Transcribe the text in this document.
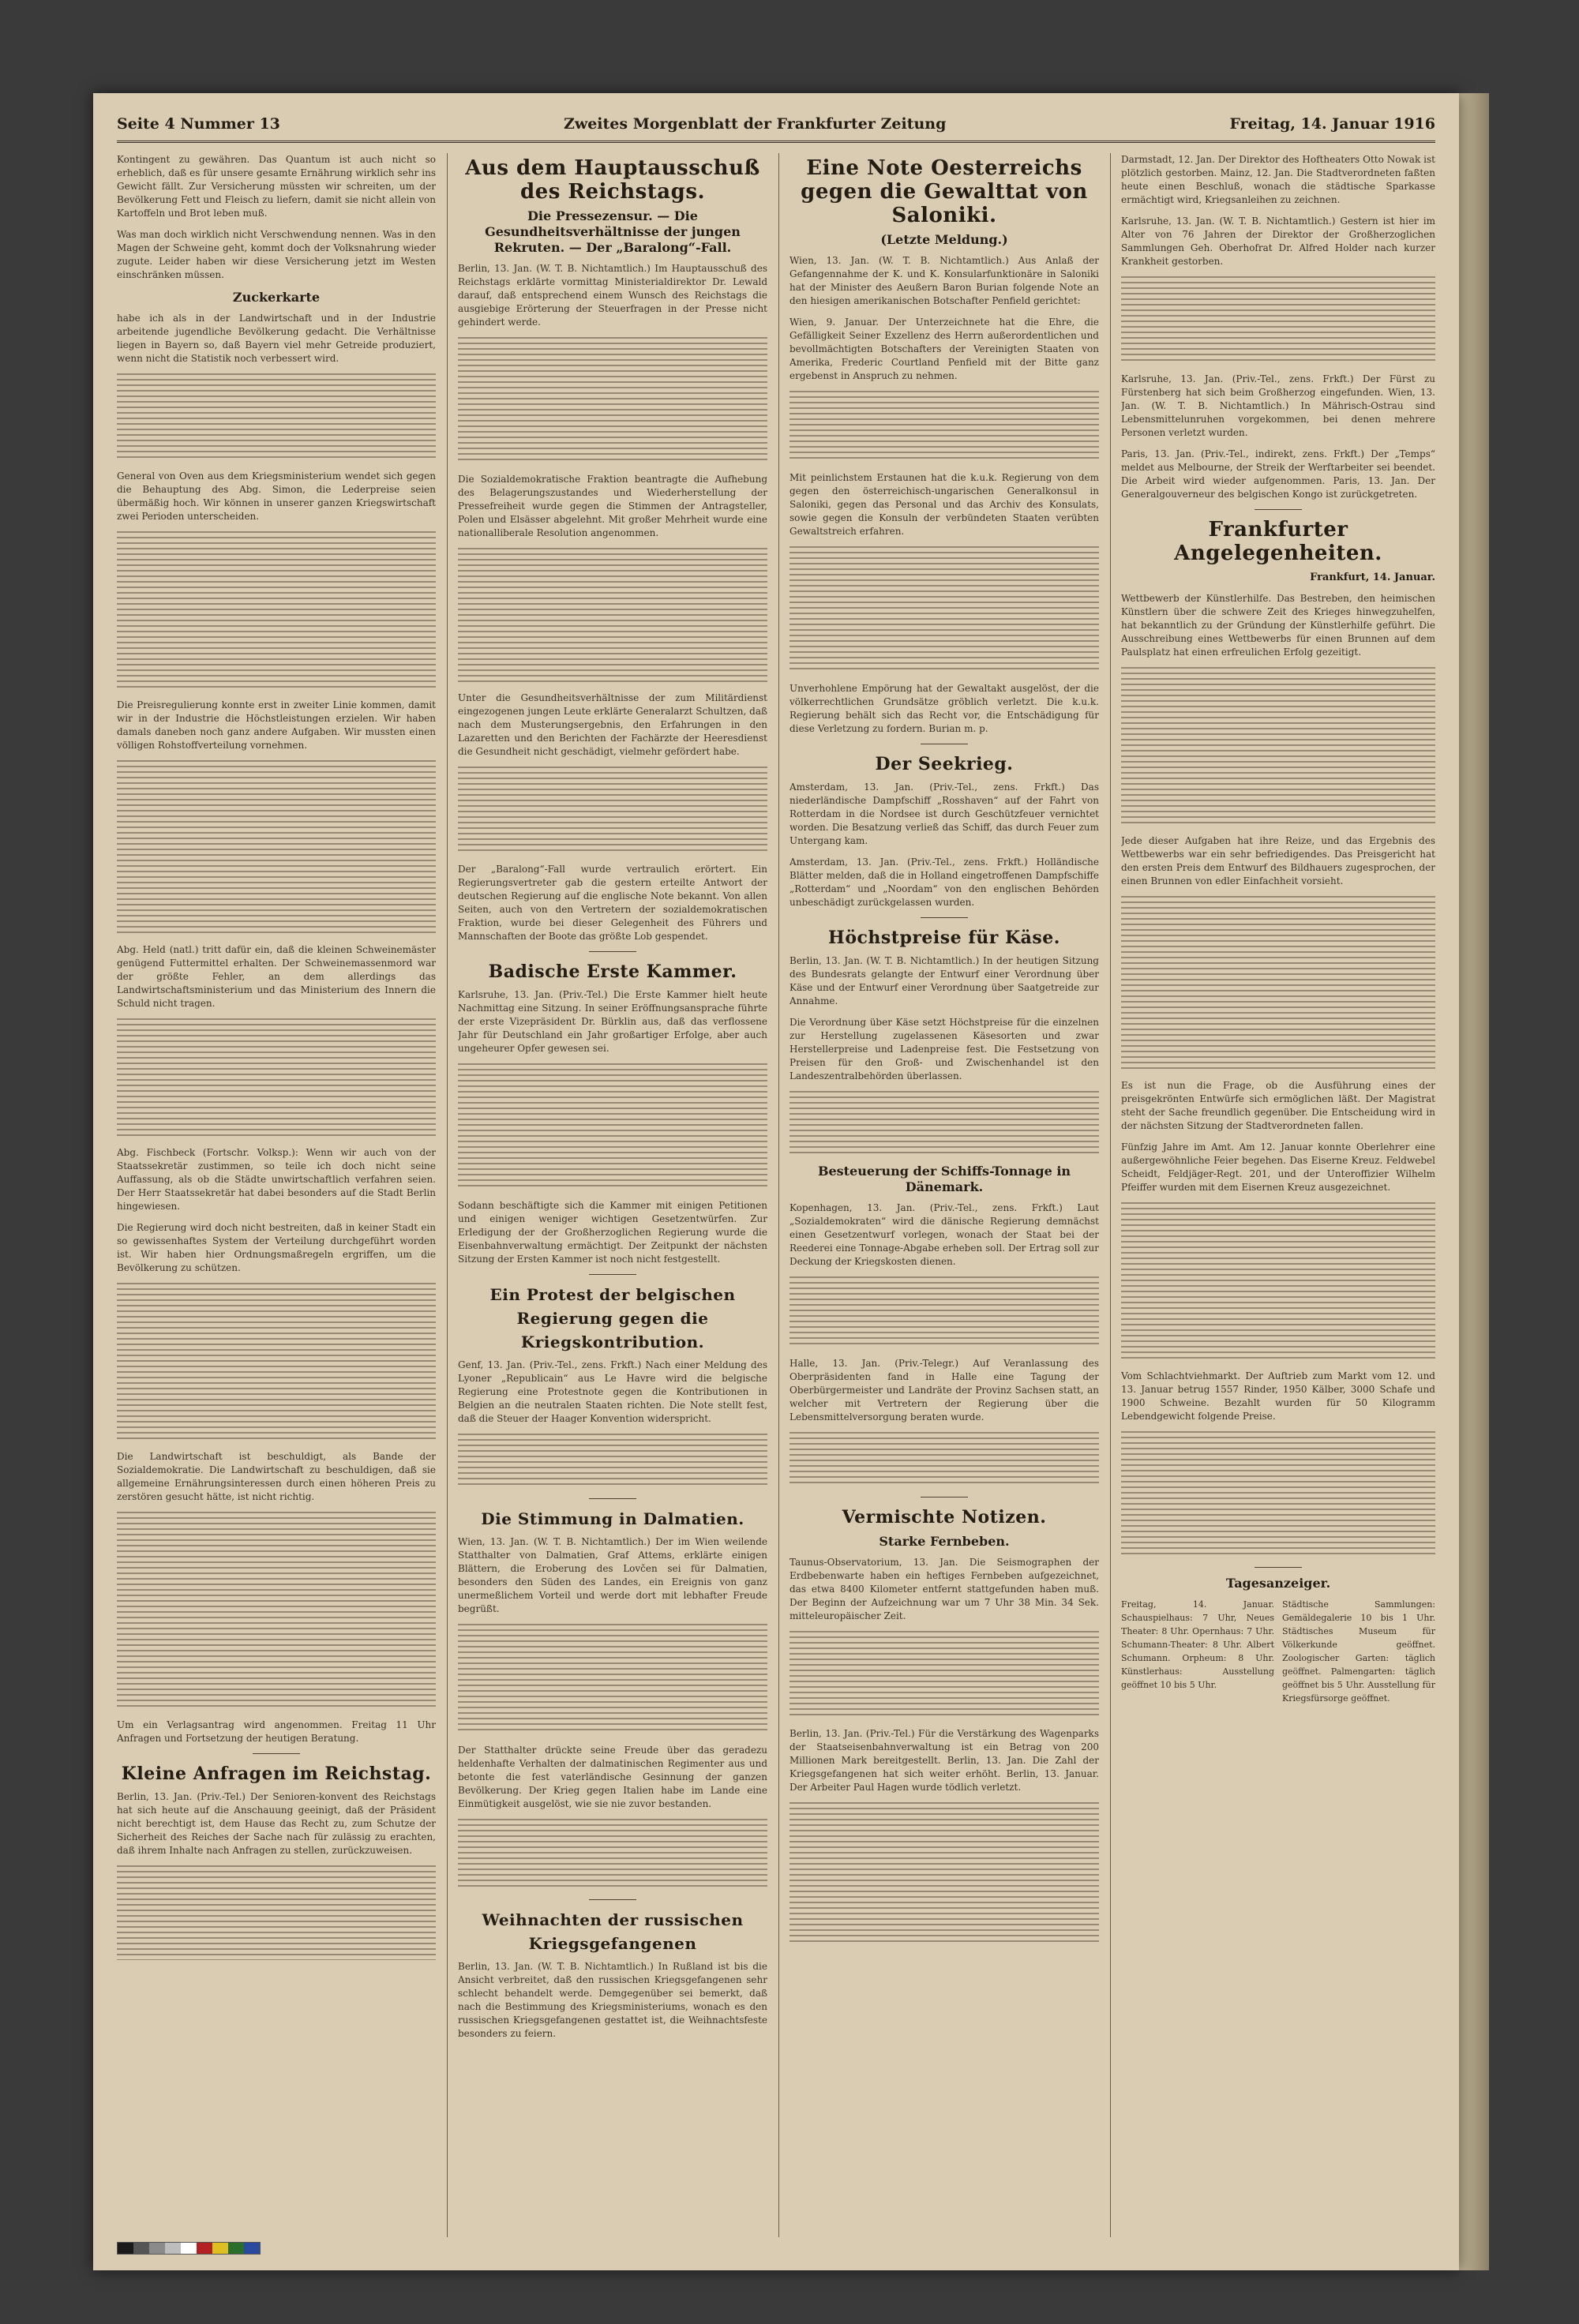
Seite 4 Nummer 13	Zweites Morgenblatt der Frankfurter Zeitung	Freitag, 14. Januar 1916

Kontingent zu gewähren. Das Quantum ist auch nicht so erheblich, daß es für unsere gesamte Ernährung wirklich sehr ins Gewicht fällt. Zur Versicherung müssten wir schreiten, um der Bevölkerung Fett und Fleisch zu liefern, damit sie nicht allein von Kartoffeln und Brot leben muß.

Was man doch wirklich nicht Verschwendung nennen. Was in den Magen der Schweine geht, kommt doch der Volksnahrung wieder zugute. Leider haben wir diese Versicherung jetzt im Westen einschränken müssen.

Zuckerkarte

habe ich als in der Landwirtschaft und in der Industrie arbeitende jugendliche Bevölkerung gedacht. Die Verhältnisse liegen in Bayern so, daß Bayern viel mehr Getreide produziert, wenn nicht die Statistik noch verbessert wird.

General von Oven aus dem Kriegsministerium wendet sich gegen die Behauptung des Abg. Simon, die Lederpreise seien übermäßig hoch. Wir können in unserer ganzen Kriegswirtschaft zwei Perioden unterscheiden.

Die Preisregulierung konnte erst in zweiter Linie kommen, damit wir in der Industrie die Höchstleistungen erzielen. Wir haben damals daneben noch ganz andere Aufgaben. Wir mussten einen völligen Rohstoffverteilung vornehmen.

Abg. Held (natl.) tritt dafür ein, daß die kleinen Schweinemäster genügend Futtermittel erhalten. Der Schweinemassenmord war der größte Fehler, an dem allerdings das Landwirtschaftsministerium und das Ministerium des Innern die Schuld nicht tragen.

Abg. Fischbeck (Fortschr. Volksp.): Wenn wir auch von der Staatssekretär zustimmen, so teile ich doch nicht seine Auffassung, als ob die Städte unwirtschaftlich verfahren seien. Der Herr Staatssekretär hat dabei besonders auf die Stadt Berlin hingewiesen.

Die Regierung wird doch nicht bestreiten, daß in keiner Stadt ein so gewissenhaftes System der Verteilung durchgeführt worden ist. Wir haben hier Ordnungsmaßregeln ergriffen, um die Bevölkerung zu schützen.

Die Landwirtschaft ist beschuldigt, als Bande der Sozialdemokratie. Die Landwirtschaft zu beschuldigen, daß sie allgemeine Ernährungsinteressen durch einen höheren Preis zu zerstören gesucht hätte, ist nicht richtig.

Um ein Verlagsantrag wird angenommen. Freitag 11 Uhr Anfragen und Fortsetzung der heutigen Beratung.

Kleine Anfragen im Reichstag.

Berlin, 13. Jan. (Priv.-Tel.) Der Senioren-konvent des Reichstags hat sich heute auf die Anschauung geeinigt, daß der Präsident nicht berechtigt ist, dem Hause das Recht zu, zum Schutze der Sicherheit des Reiches der Sache nach für zulässig zu erachten, daß ihrem Inhalte nach Anfragen zu stellen, zurückzuweisen.

Aus dem Hauptausschuß des Reichstags.
Die Pressezensur. — Die Gesundheitsverhältnisse der jungen Rekruten. — Der „Baralong“-Fall.

Berlin, 13. Jan. (W. T. B. Nichtamtlich.) Im Hauptausschuß des Reichstags erklärte vormittag Ministerialdirektor Dr. Lewald darauf, daß entsprechend einem Wunsch des Reichstags die ausgiebige Erörterung der Steuerfragen in der Presse nicht gehindert werde.

Die Sozialdemokratische Fraktion beantragte die Aufhebung des Belagerungszustandes und Wiederherstellung der Pressefreiheit wurde gegen die Stimmen der Antragsteller, Polen und Elsässer abgelehnt. Mit großer Mehrheit wurde eine nationalliberale Resolution angenommen.

Unter die Gesundheitsverhältnisse der zum Militärdienst eingezogenen jungen Leute erklärte Generalarzt Schultzen, daß nach dem Musterungsergebnis, den Erfahrungen in den Lazaretten und den Berichten der Fachärzte der Heeresdienst die Gesundheit nicht geschädigt, vielmehr gefördert habe.

Der „Baralong“-Fall wurde vertraulich erörtert. Ein Regierungsvertreter gab die gestern erteilte Antwort der deutschen Regierung auf die englische Note bekannt. Von allen Seiten, auch von den Vertretern der sozialdemokratischen Fraktion, wurde bei dieser Gelegenheit des Führers und Mannschaften der Boote das größte Lob gespendet.

Badische Erste Kammer.

Karlsruhe, 13. Jan. (Priv.-Tel.) Die Erste Kammer hielt heute Nachmittag eine Sitzung. In seiner Eröffnungsansprache führte der erste Vizepräsident Dr. Bürklin aus, daß das verflossene Jahr für Deutschland ein Jahr großartiger Erfolge, aber auch ungeheurer Opfer gewesen sei.

Sodann beschäftigte sich die Kammer mit einigen Petitionen und einigen weniger wichtigen Gesetzentwürfen. Zur Erledigung der der Großherzoglichen Regierung wurde die Eisenbahnverwaltung ermächtigt. Der Zeitpunkt der nächsten Sitzung der Ersten Kammer ist noch nicht festgestellt.

Ein Protest der belgischen Regierung gegen die Kriegskontribution.

Genf, 13. Jan. (Priv.-Tel., zens. Frkft.) Nach einer Meldung des Lyoner „Republicain“ aus Le Havre wird die belgische Regierung eine Protestnote gegen die Kontributionen in Belgien an die neutralen Staaten richten. Die Note stellt fest, daß die Steuer der Haager Konvention widerspricht.

Die Stimmung in Dalmatien.

Wien, 13. Jan. (W. T. B. Nichtamtlich.) Der im Wien weilende Statthalter von Dalmatien, Graf Attems, erklärte einigen Blättern, die Eroberung des Lovčen sei für Dalmatien, besonders den Süden des Landes, ein Ereignis von ganz unermeßlichem Vorteil und werde dort mit lebhafter Freude begrüßt.

Der Statthalter drückte seine Freude über das geradezu heldenhafte Verhalten der dalmatinischen Regimenter aus und betonte die fest vaterländische Gesinnung der ganzen Bevölkerung. Der Krieg gegen Italien habe im Lande eine Einmütigkeit ausgelöst, wie sie nie zuvor bestanden.

Weihnachten der russischen Kriegsgefangenen

Berlin, 13. Jan. (W. T. B. Nichtamtlich.) In Rußland ist bis die Ansicht verbreitet, daß den russischen Kriegsgefangenen sehr schlecht behandelt werde. Demgegenüber sei bemerkt, daß nach die Bestimmung des Kriegsministeriums, wonach es den russischen Kriegsgefangenen gestattet ist, die Weihnachtsfeste besonders zu feiern.

Eine Note Oesterreichs gegen die Gewalttat von Saloniki.
(Letzte Meldung.)

Wien, 13. Jan. (W. T. B. Nichtamtlich.) Aus Anlaß der Gefangennahme der K. und K. Konsularfunktionäre in Saloniki hat der Minister des Aeußern Baron Burian folgende Note an den hiesigen amerikanischen Botschafter Penfield gerichtet:

Wien, 9. Januar. Der Unterzeichnete hat die Ehre, die Gefälligkeit Seiner Exzellenz des Herrn außerordentlichen und bevollmächtigten Botschafters der Vereinigten Staaten von Amerika, Frederic Courtland Penfield mit der Bitte ganz ergebenst in Anspruch zu nehmen.

Mit peinlichstem Erstaunen hat die k.u.k. Regierung von dem gegen den österreichisch-ungarischen Generalkonsul in Saloniki, gegen das Personal und das Archiv des Konsulats, sowie gegen die Konsuln der verbündeten Staaten verübten Gewaltstreich erfahren.

Unverhohlene Empörung hat der Gewaltakt ausgelöst, der die völkerrechtlichen Grundsätze gröblich verletzt. Die k.u.k. Regierung behält sich das Recht vor, die Entschädigung für diese Verletzung zu fordern. Burian m. p.

Der Seekrieg.

Amsterdam, 13. Jan. (Priv.-Tel., zens. Frkft.) Das niederländische Dampfschiff „Rosshaven“ auf der Fahrt von Rotterdam in die Nordsee ist durch Geschützfeuer vernichtet worden. Die Besatzung verließ das Schiff, das durch Feuer zum Untergang kam.

Amsterdam, 13. Jan. (Priv.-Tel., zens. Frkft.) Holländische Blätter melden, daß die in Holland eingetroffenen Dampfschiffe „Rotterdam“ und „Noordam“ von den englischen Behörden unbeschädigt zurückgelassen wurden.

Höchstpreise für Käse.

Berlin, 13. Jan. (W. T. B. Nichtamtlich.) In der heutigen Sitzung des Bundesrats gelangte der Entwurf einer Verordnung über Käse und der Entwurf einer Verordnung über Saatgetreide zur Annahme.

Die Verordnung über Käse setzt Höchstpreise für die einzelnen zur Herstellung zugelassenen Käsesorten und zwar Herstellerpreise und Ladenpreise fest. Die Festsetzung von Preisen für den Groß- und Zwischenhandel ist den Landeszentralbehörden überlassen.

Besteuerung der Schiffs-Tonnage in Dänemark.

Kopenhagen, 13. Jan. (Priv.-Tel., zens. Frkft.) Laut „Sozialdemokraten“ wird die dänische Regierung demnächst einen Gesetzentwurf vorlegen, wonach der Staat bei der Reederei eine Tonnage-Abgabe erheben soll. Der Ertrag soll zur Deckung der Kriegskosten dienen.

Halle, 13. Jan. (Priv.-Telegr.) Auf Veranlassung des Oberpräsidenten fand in Halle eine Tagung der Oberbürgermeister und Landräte der Provinz Sachsen statt, an welcher mit Vertretern der Regierung über die Lebensmittelversorgung beraten wurde.

Vermischte Notizen.
Starke Fernbeben.

Taunus-Observatorium, 13. Jan. Die Seismographen der Erdbebenwarte haben ein heftiges Fernbeben aufgezeichnet, das etwa 8400 Kilometer entfernt stattgefunden haben muß. Der Beginn der Aufzeichnung war um 7 Uhr 38 Min. 34 Sek. mitteleuropäischer Zeit.

Berlin, 13. Jan. (Priv.-Tel.) Für die Verstärkung des Wagenparks der Staatseisenbahnverwaltung ist ein Betrag von 200 Millionen Mark bereitgestellt. Berlin, 13. Jan. Die Zahl der Kriegsgefangenen hat sich weiter erhöht. Berlin, 13. Januar. Der Arbeiter Paul Hagen wurde tödlich verletzt.

Darmstadt, 12. Jan. Der Direktor des Hoftheaters Otto Nowak ist plötzlich gestorben. Mainz, 12. Jan. Die Stadtverordneten faßten heute einen Beschluß, wonach die städtische Sparkasse ermächtigt wird, Kriegsanleihen zu zeichnen.

Karlsruhe, 13. Jan. (W. T. B. Nichtamtlich.) Gestern ist hier im Alter von 76 Jahren der Direktor der Großherzoglichen Sammlungen Geh. Oberhofrat Dr. Alfred Holder nach kurzer Krankheit gestorben.

Karlsruhe, 13. Jan. (Priv.-Tel., zens. Frkft.) Der Fürst zu Fürstenberg hat sich beim Großherzog eingefunden. Wien, 13. Jan. (W. T. B. Nichtamtlich.) In Mährisch-Ostrau sind Lebensmittelunruhen vorgekommen, bei denen mehrere Personen verletzt wurden.

Paris, 13. Jan. (Priv.-Tel., indirekt, zens. Frkft.) Der „Temps“ meldet aus Melbourne, der Streik der Werftarbeiter sei beendet. Die Arbeit wird wieder aufgenommen. Paris, 13. Jan. Der Generalgouverneur des belgischen Kongo ist zurückgetreten.

Frankfurter Angelegenheiten.
Frankfurt, 14. Januar.

Wettbewerb der Künstlerhilfe. Das Bestreben, den heimischen Künstlern über die schwere Zeit des Krieges hinwegzuhelfen, hat bekanntlich zu der Gründung der Künstlerhilfe geführt. Die Ausschreibung eines Wettbewerbs für einen Brunnen auf dem Paulsplatz hat einen erfreulichen Erfolg gezeitigt.

Jede dieser Aufgaben hat ihre Reize, und das Ergebnis des Wettbewerbs war ein sehr befriedigendes. Das Preisgericht hat den ersten Preis dem Entwurf des Bildhauers zugesprochen, der einen Brunnen von edler Einfachheit vorsieht.

Es ist nun die Frage, ob die Ausführung eines der preisgekrönten Entwürfe sich ermöglichen läßt. Der Magistrat steht der Sache freundlich gegenüber. Die Entscheidung wird in der nächsten Sitzung der Stadtverordneten fallen.

Fünfzig Jahre im Amt. Am 12. Januar konnte Oberlehrer eine außergewöhnliche Feier begehen. Das Eiserne Kreuz. Feldwebel Scheidt, Feldjäger-Regt. 201, und der Unteroffizier Wilhelm Pfeiffer wurden mit dem Eisernen Kreuz ausgezeichnet.

Vom Schlachtviehmarkt. Der Auftrieb zum Markt vom 12. und 13. Januar betrug 1557 Rinder, 1950 Kälber, 3000 Schafe und 1900 Schweine. Bezahlt wurden für 50 Kilogramm Lebendgewicht folgende Preise.

Tagesanzeiger.

Freitag, 14. Januar. Schauspielhaus: 7 Uhr, Neues Theater: 8 Uhr. Opernhaus: 7 Uhr. Schumann-Theater: 8 Uhr. Albert Schumann. Orpheum: 8 Uhr. Künstlerhaus: Ausstellung geöffnet 10 bis 5 Uhr.

Städtische Sammlungen: Gemäldegalerie 10 bis 1 Uhr. Städtisches Museum für Völkerkunde geöffnet. Zoologischer Garten: täglich geöffnet. Palmengarten: täglich geöffnet bis 5 Uhr. Ausstellung für Kriegsfürsorge geöffnet.
